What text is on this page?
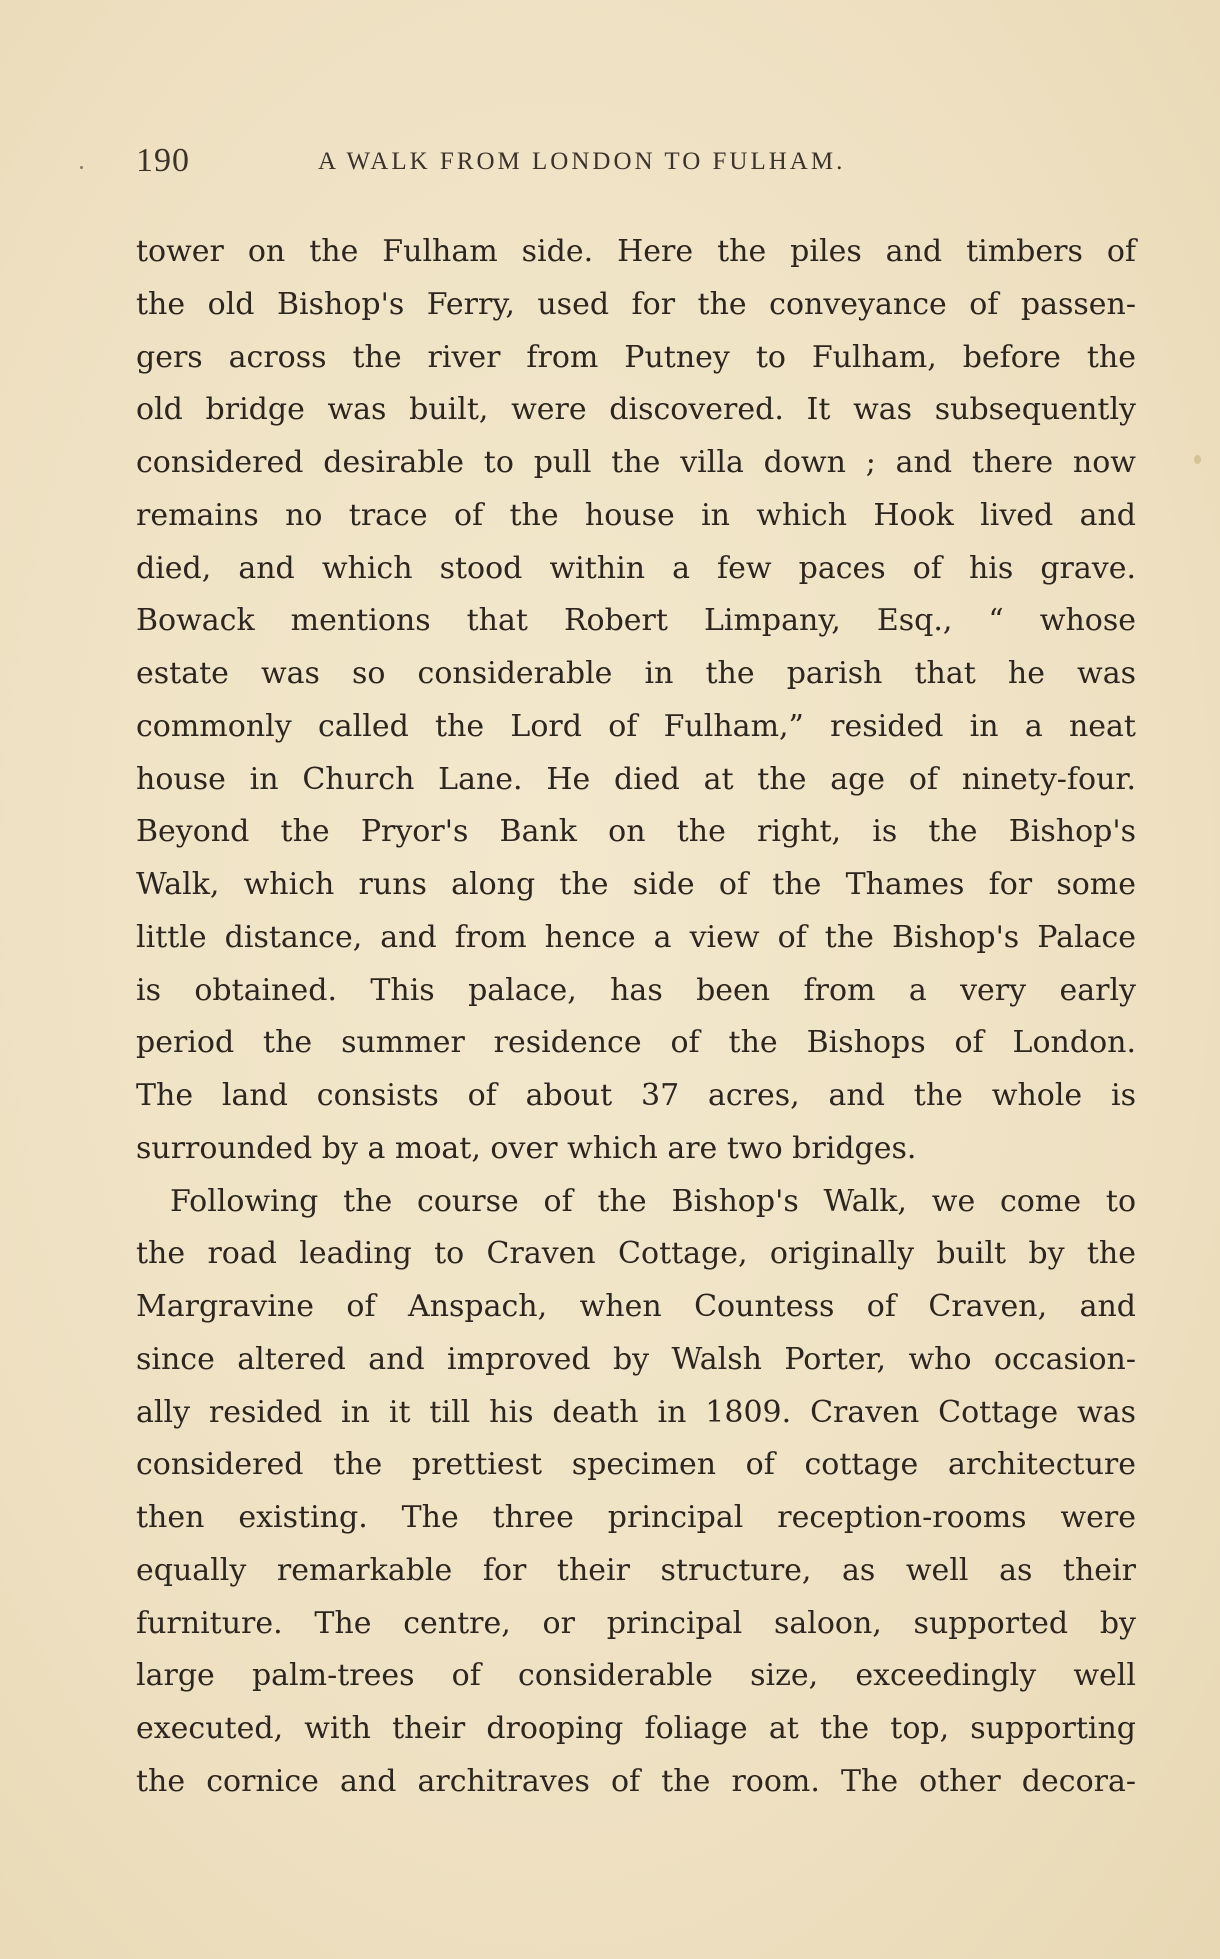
190	A WALK FROM LONDON TO FULHAM.
tower on the Fulham side. Here the piles and timbers of
the old Bishop's Ferry, used for the conveyance of passen-
gers across the river from Putney to Fulham, before the
old bridge was built, were discovered. It was subsequently
considered desirable to pull the villa down ; and there now
remains no trace of the house in which Hook lived and
died, and which stood within a few paces of his grave.
Bowack mentions that Robert Limpany, Esq., “ whose
estate was so considerable in the parish that he was
commonly called the Lord of Fulham,” resided in a neat
house in Church Lane. He died at the age of ninety-four.
Beyond the Pryor's Bank on the right, is the Bishop's
Walk, which runs along the side of the Thames for some
little distance, and from hence a view of the Bishop's Palace
is obtained. This palace, has been from a very early
period the summer residence of the Bishops of London.
The land consists of about 37 acres, and the whole is
surrounded by a moat, over which are two bridges.
Following the course of the Bishop's Walk, we come to
the road leading to Craven Cottage, originally built by the
Margravine of Anspach, when Countess of Craven, and
since altered and improved by Walsh Porter, who occasion-
ally resided in it till his death in 1809. Craven Cottage was
considered the prettiest specimen of cottage architecture
then existing. The three principal reception-rooms were
equally remarkable for their structure, as well as their
furniture. The centre, or principal saloon, supported by
large palm-trees of considerable size, exceedingly well
executed, with their drooping foliage at the top, supporting
the cornice and architraves of the room. The other decora-
